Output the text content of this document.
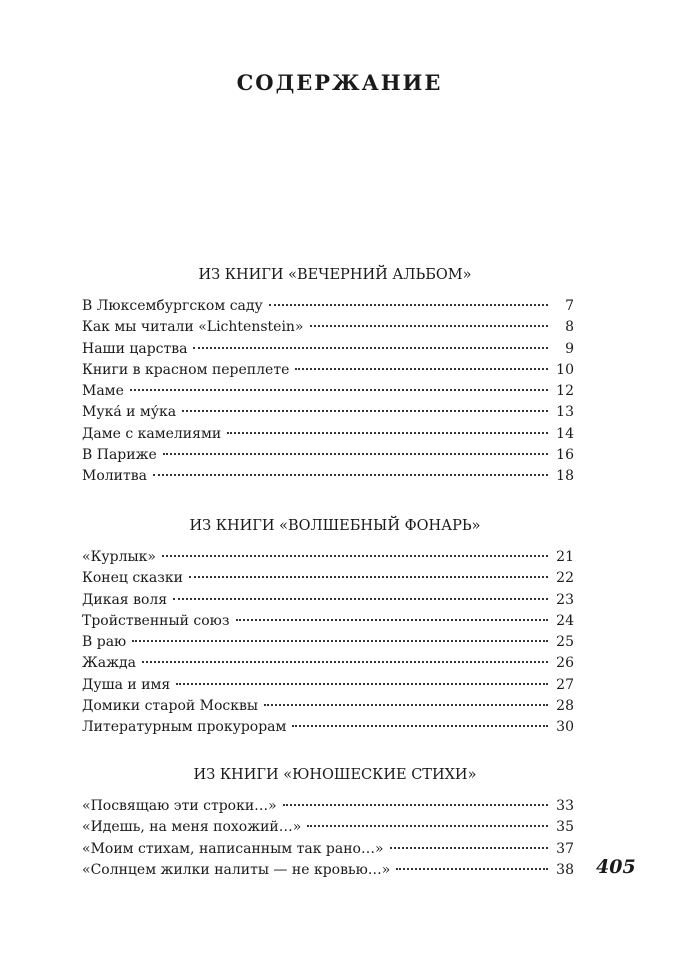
СОДЕРЖАНИЕ
ИЗ КНИГИ «ВЕЧЕРНИЙ АЛЬБОМ»
В Люксембургском саду	7
Как мы читали «Lichtenstein»	8
Наши царства	9
Книги в красном переплете	10
Маме	12
Мука́ и му́ка	13
Даме с камелиями	14
В Париже	16
Молитва	18
ИЗ КНИГИ «ВОЛШЕБНЫЙ ФОНАРЬ»
«Курлык»	21
Конец сказки	22
Дикая воля	23
Тройственный союз	24
В раю	25
Жажда	26
Душа и имя	27
Домики старой Москвы	28
Литературным прокурорам	30
ИЗ КНИГИ «ЮНОШЕСКИЕ СТИХИ»
«Посвящаю эти строки…»	33
«Идешь, на меня похожий…»	35
«Моим стихам, написанным так рано…»	37
«Солнцем жилки налиты — не кровью…»	38 405
